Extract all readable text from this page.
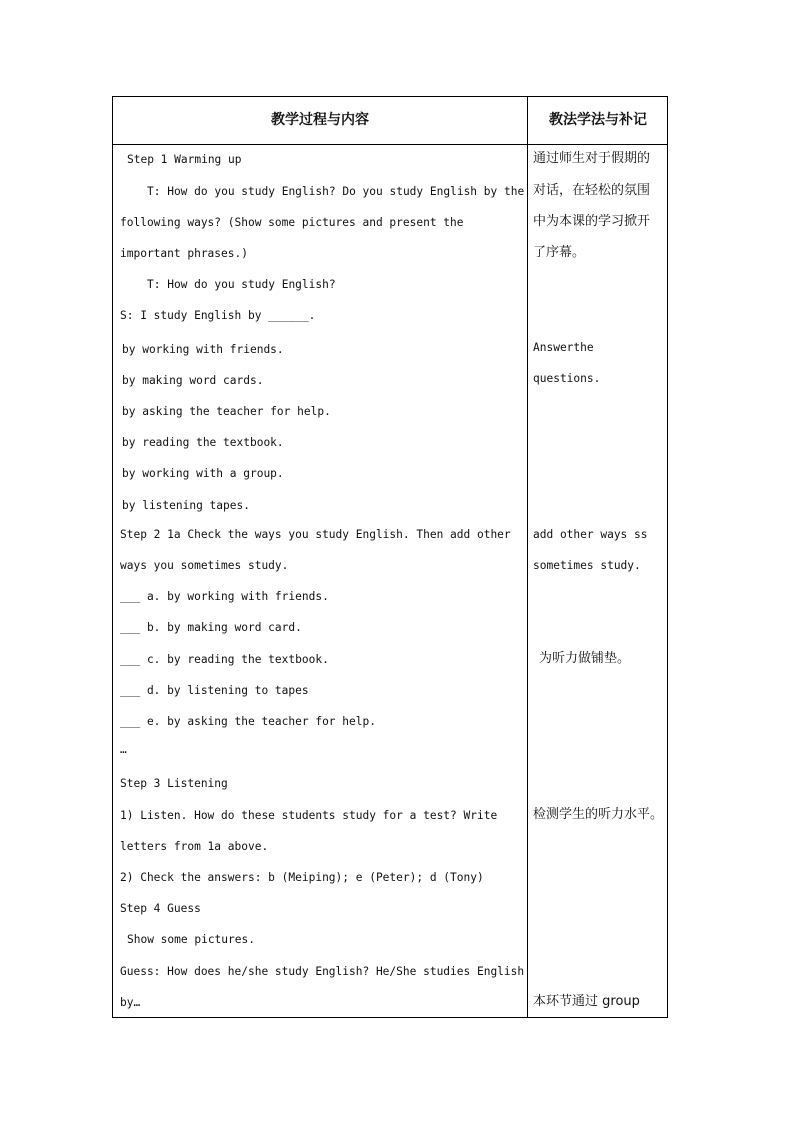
教学过程与内容	教法学法与补记
Step 1 Warming up
T: How do you study English? Do you study English by the
following ways? (Show some pictures and present the
important phrases.)
T: How do you study English?
S: I study English by ______.
by working with friends.
by making word cards.
by asking the teacher for help.
by reading the textbook.
by working with a group.
by listening tapes.
Step 2 1a Check the ways you study English. Then add other
ways you sometimes study.
___ a. by working with friends.
___ b. by making word card.
___ c. by reading the textbook.
___ d. by listening to tapes
___ e. by asking the teacher for help.
…
Step 3 Listening
1) Listen. How do these students study for a test? Write
letters from 1a above.
2) Check the answers: b (Meiping); e (Peter); d (Tony)
Step 4 Guess
Show some pictures.
Guess: How does he/she study English? He/She studies English
by…
通过师生对于假期的
对话，在轻松的氛围
中为本课的学习掀开
了序幕。
Answerthe
questions.
add other ways ss
sometimes study.
为听力做铺垫。
检测学生的听力水平。
本环节通过 group
